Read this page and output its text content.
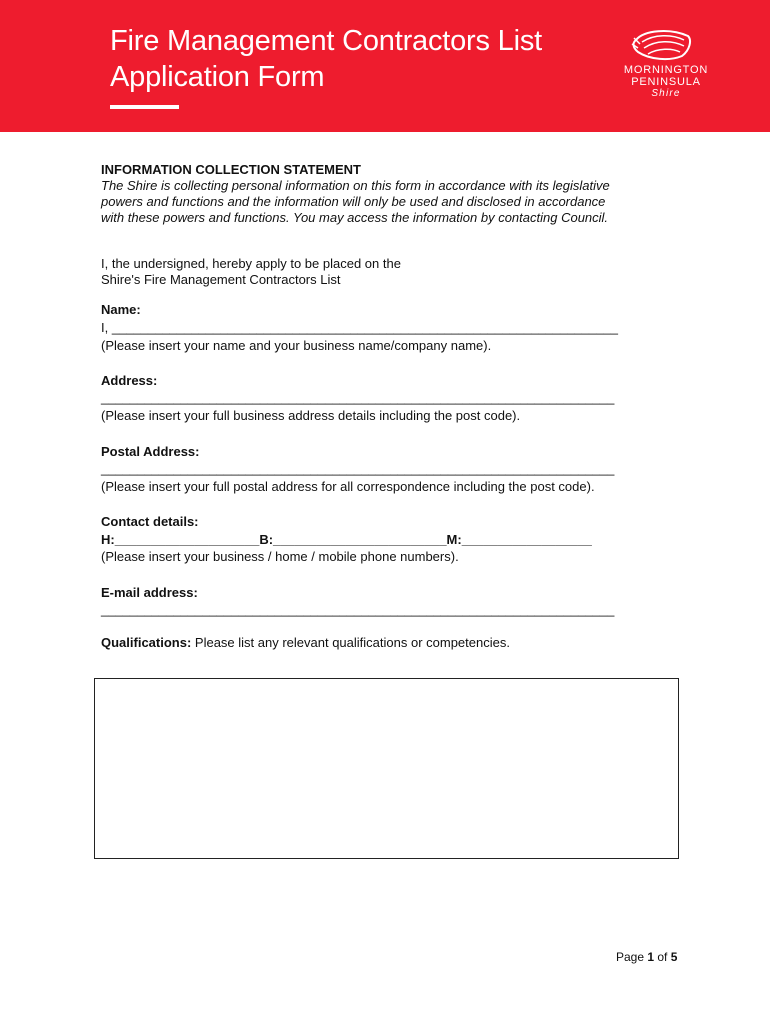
Fire Management Contractors List
Application Form	MORNINGTON
PENINSULA
Shire
INFORMATION COLLECTION STATEMENT
The Shire is collecting personal information on this form in accordance with its legislative
powers and functions and the information will only be used and disclosed in accordance
with these powers and functions. You may access the information by contacting Council.
I, the undersigned, hereby apply to be placed on the
Shire's Fire Management Contractors List
Name:
I, ______________________________________________________________________
(Please insert your name and your business name/company name).
Address:
_______________________________________________________________________
(Please insert your full business address details including the post code).
Postal Address:
_______________________________________________________________________
(Please insert your full postal address for all correspondence including the post code).
Contact details:
H:____________________B:________________________M:__________________
(Please insert your business / home / mobile phone numbers).
E-mail address:
_______________________________________________________________________
Qualifications: Please list any relevant qualifications or competencies.
Page 1 of 5
